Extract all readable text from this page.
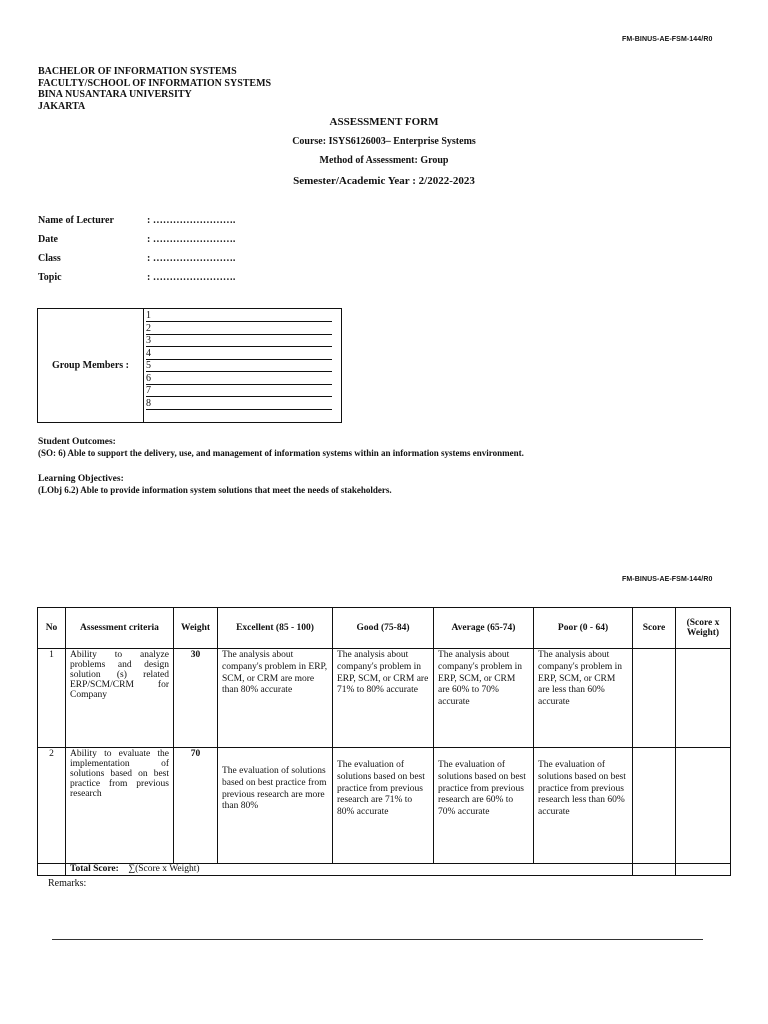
FM-BINUS-AE-FSM-144/R0
BACHELOR OF INFORMATION SYSTEMS
FACULTY/SCHOOL OF INFORMATION SYSTEMS
BINA NUSANTARA UNIVERSITY
JAKARTA
ASSESSMENT FORM
Course: ISYS6126003– Enterprise Systems
Method of Assessment: Group
Semester/Academic Year : 2/2022-2023
Name of Lecturer	: …………………….
Date	: …………………….
Class	: …………………….
Topic	: …………………….
Group Members :
1
2
3
4
5
6
7
8
Student Outcomes:
(SO: 6) Able to support the delivery, use, and management of information systems within an information systems environment.
Learning Objectives:
(LObj 6.2) Able to provide information system solutions that meet the needs of stakeholders.
FM-BINUS-AE-FSM-144/R0
No	Assessment criteria	Weight	Excellent (85 - 100)	Good (75-84)	Average (65-74)	Poor (0 - 64)	Score	(Score x Weight)
1	Ability to analyze problems and design solution (s) related ERP/SCM/CRM for Company	30	The analysis about company's problem in ERP, SCM, or CRM are more than 80% accurate	The analysis about company's problem in ERP, SCM, or CRM are 71% to 80% accurate	The analysis about company's problem in ERP, SCM, or CRM are 60% to 70% accurate	The analysis about company's problem in ERP, SCM, or CRM are less than 60% accurate		
2	Ability to evaluate the implementation of solutions based on best practice from previous research	70	The evaluation of solutions based on best practice from previous research are more than 80%	The evaluation of solutions based on best practice from previous research are 71% to 80% accurate	The evaluation of solutions based on best practice from previous research are 60% to 70% accurate	The evaluation of solutions based on best practice from previous research less than 60% accurate		
	Total Score: ∑(Score x Weight)							
Remarks:
